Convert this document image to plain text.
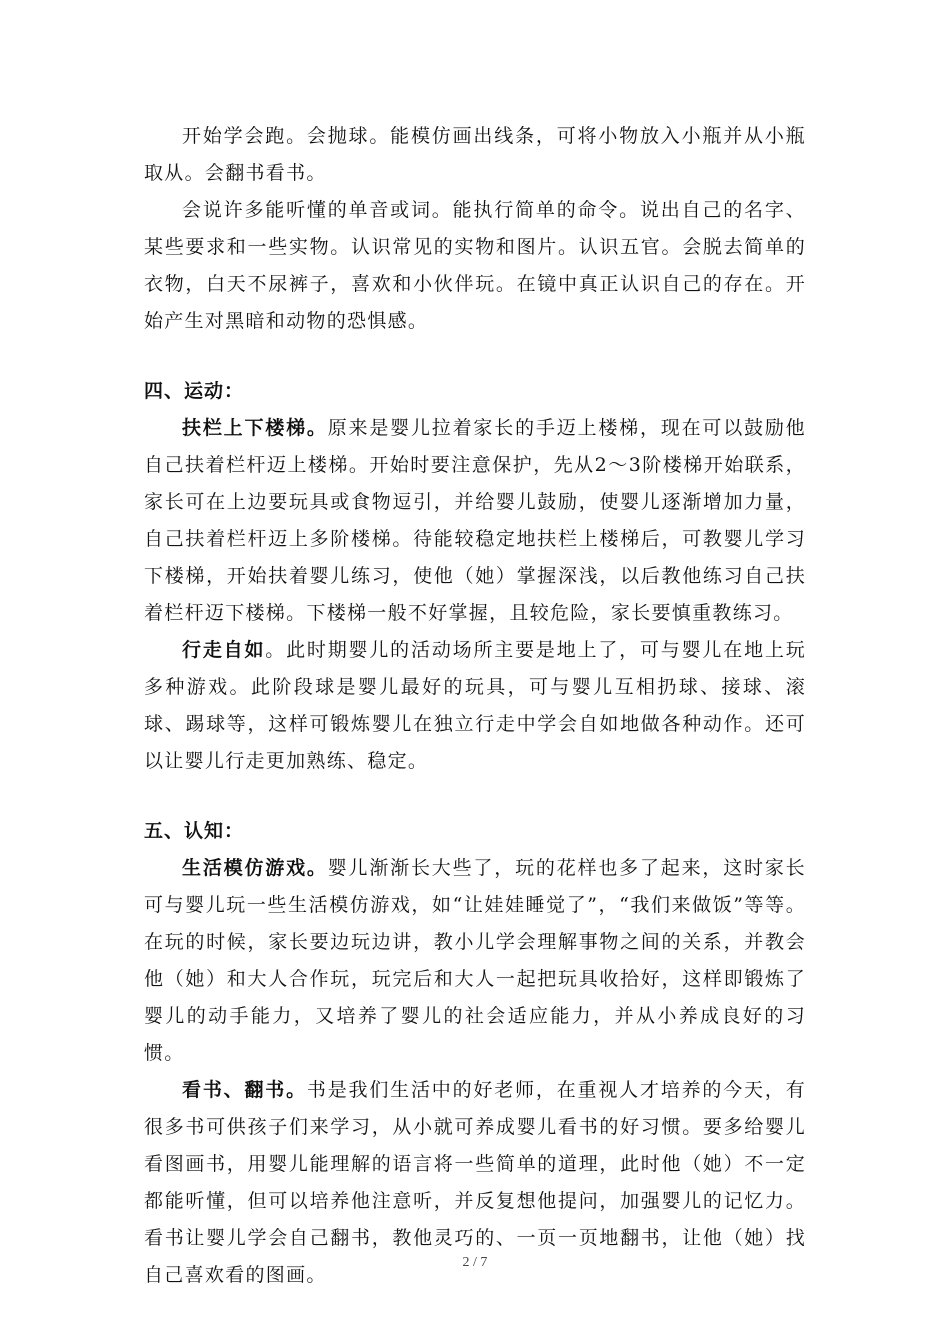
开始学会跑。会抛球。能模仿画出线条，可将小物放入小瓶并从小瓶取从。会翻书看书。

会说许多能听懂的单音或词。能执行简单的命令。说出自己的名字、某些要求和一些实物。认识常见的实物和图片。认识五官。会脱去简单的衣物，白天不尿裤子，喜欢和小伙伴玩。在镜中真正认识自己的存在。开始产生对黑暗和动物的恐惧感。

四、运动：

扶栏上下楼梯。原来是婴儿拉着家长的手迈上楼梯，现在可以鼓励他自己扶着栏杆迈上楼梯。开始时要注意保护，先从2～3阶楼梯开始联系，家长可在上边要玩具或食物逗引，并给婴儿鼓励，使婴儿逐渐增加力量，自己扶着栏杆迈上多阶楼梯。待能较稳定地扶栏上楼梯后，可教婴儿学习下楼梯，开始扶着婴儿练习，使他（她）掌握深浅，以后教他练习自己扶着栏杆迈下楼梯。下楼梯一般不好掌握，且较危险，家长要慎重教练习。

行走自如。此时期婴儿的活动场所主要是地上了，可与婴儿在地上玩多种游戏。此阶段球是婴儿最好的玩具，可与婴儿互相扔球、接球、滚球、踢球等，这样可锻炼婴儿在独立行走中学会自如地做各种动作。还可以让婴儿行走更加熟练、稳定。

五、认知：

生活模仿游戏。婴儿渐渐长大些了，玩的花样也多了起来，这时家长可与婴儿玩一些生活模仿游戏，如“让娃娃睡觉了”，“我们来做饭”等等。在玩的时候，家长要边玩边讲，教小儿学会理解事物之间的关系，并教会他（她）和大人合作玩，玩完后和大人一起把玩具收拾好，这样即锻炼了婴儿的动手能力，又培养了婴儿的社会适应能力，并从小养成良好的习惯。

看书、翻书。书是我们生活中的好老师，在重视人才培养的今天，有很多书可供孩子们来学习，从小就可养成婴儿看书的好习惯。要多给婴儿看图画书，用婴儿能理解的语言将一些简单的道理，此时他（她）不一定都能听懂，但可以培养他注意听，并反复想他提问，加强婴儿的记忆力。看书让婴儿学会自己翻书，教他灵巧的、一页一页地翻书，让他（她）找自己喜欢看的图画。

2 / 7
